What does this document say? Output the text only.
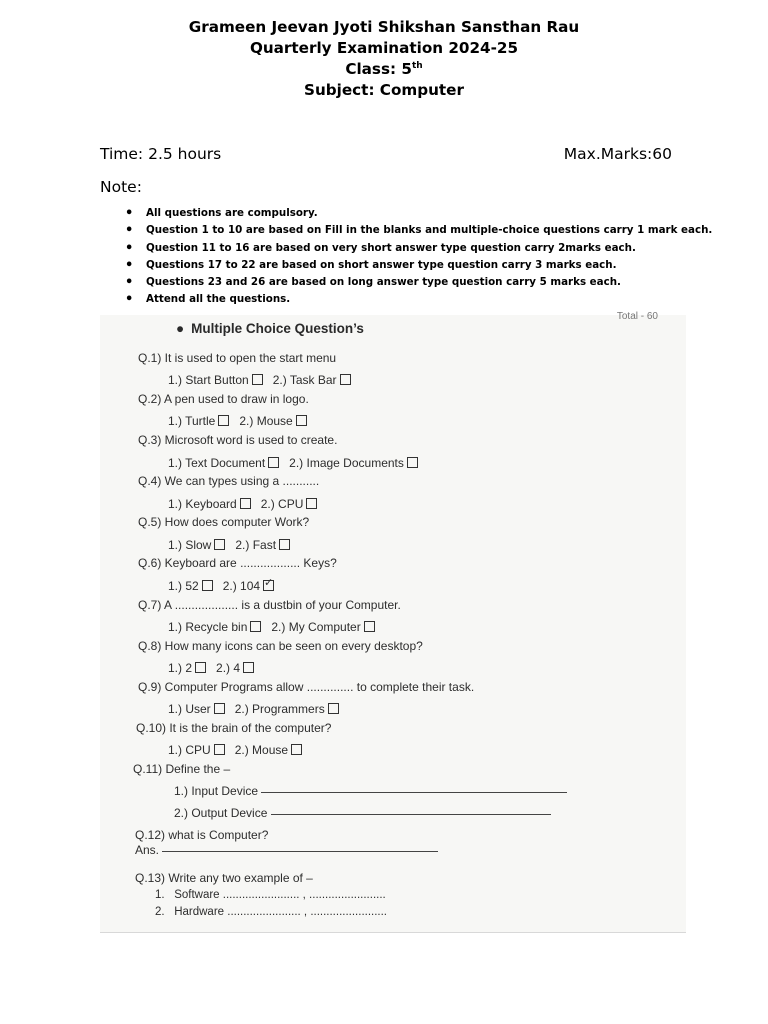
Grameen Jeevan Jyoti Shikshan Sansthan Rau
Quarterly Examination 2024-25
Class: 5th
Subject: Computer
Time: 2.5 hours	Max.Marks:60
Note:
• All questions are compulsory.
• Question 1 to 10 are based on Fill in the blanks and multiple-choice questions carry 1 mark each.
• Question 11 to 16 are based on very short answer type question carry 2marks each.
• Questions 17 to 22 are based on short answer type question carry 3 marks each.
• Questions 23 and 26 are based on long answer type question carry 5 marks each.
• Attend all the questions.
Total - 60
● Multiple Choice Question’s
Q.1) It is used to open the start menu
1.) Start Button 2.) Task Bar
Q.2) A pen used to draw in logo.
1.) Turtle 2.) Mouse
Q.3) Microsoft word is used to create.
1.) Text Document 2.) Image Documents
Q.4) We can types using a ...........
1.) Keyboard 2.) CPU
Q.5) How does computer Work?
1.) Slow 2.) Fast
Q.6) Keyboard are .................. Keys?
1.) 52 2.) 104✓
Q.7) A ................... is a dustbin of your Computer.
1.) Recycle bin 2.) My Computer
Q.8) How many icons can be seen on every desktop?
1.) 2 2.) 4
Q.9) Computer Programs allow .............. to complete their task.
1.) User 2.) Programmers
Q.10) It is the brain of the computer?
1.) CPU 2.) Mouse
Q.11) Define the –
1.) Input Device
2.) Output Device
Q.12) what is Computer?
Ans.
Q.13) Write any two example of –
1. Software ........................ , ........................
2. Hardware ....................... , ........................
